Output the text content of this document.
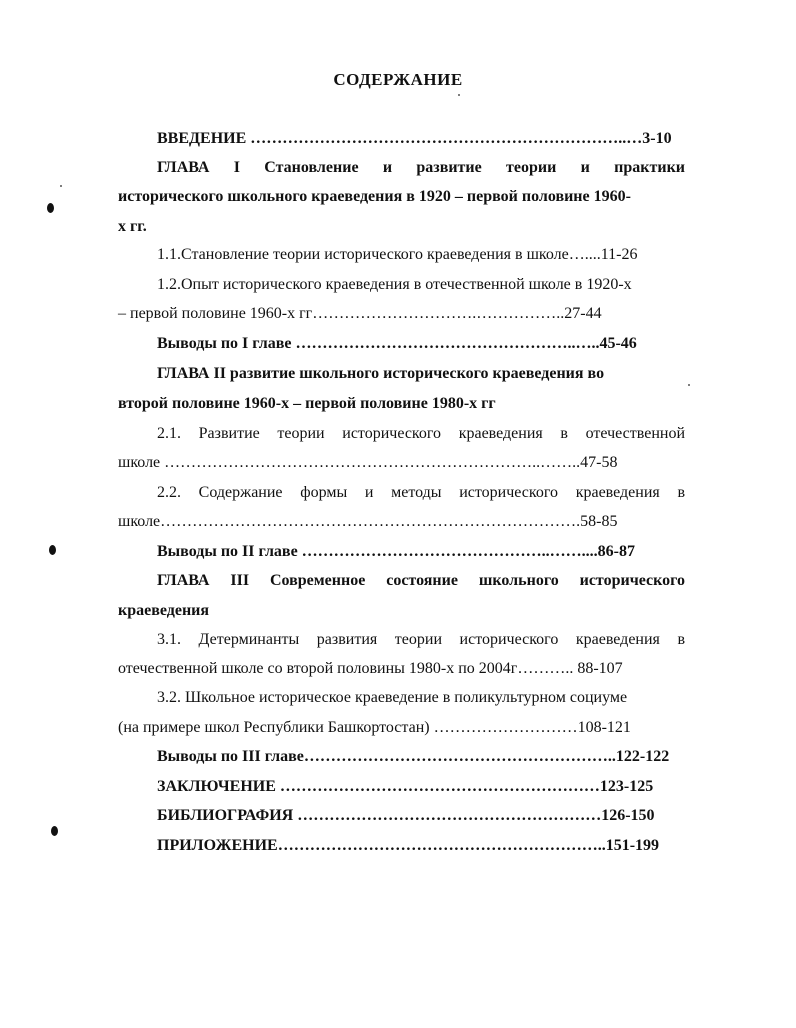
СОДЕРЖАНИЕ
ВВЕДЕНИЕ ……………………………………………………………..…3-10
ГЛАВА I Становление и развитие теории и практики
исторического школьного краеведения в 1920 – первой половине 1960-
х гг.
1.1.Становление теории исторического краеведения в школе…....11-26
1.2.Опыт исторического краеведения в отечественной школе в 1920-х
– первой половине 1960-х гг………………………….……………..27-44
Выводы по I главе ……………………………………………..…..45-46
ГЛАВА II развитие школьного исторического краеведения во
второй половине 1960-х – первой половине 1980-х гг
2.1. Развитие теории исторического краеведения в отечественной
школе ……………………………………………………………..……..47-58
2.2. Содержание формы и методы исторического краеведения в
школе…………………………………………………………………….58-85
Выводы по II главе ………………………………………..……....86-87
ГЛАВА III Современное состояние школьного исторического
краеведения
3.1. Детерминанты развития теории исторического краеведения в
отечественной школе со второй половины 1980-х по 2004г……….. 88-107
3.2. Школьное историческое краеведение в поликультурном социуме
(на примере школ Республики Башкортостан) ………………………108-121
Выводы по III главе…………………………………………………..122-122
ЗАКЛЮЧЕНИЕ ……………………………………………………123-125
БИБЛИОГРАФИЯ …………………………………………………126-150
ПРИЛОЖЕНИЕ……………………………………………………..151-199
